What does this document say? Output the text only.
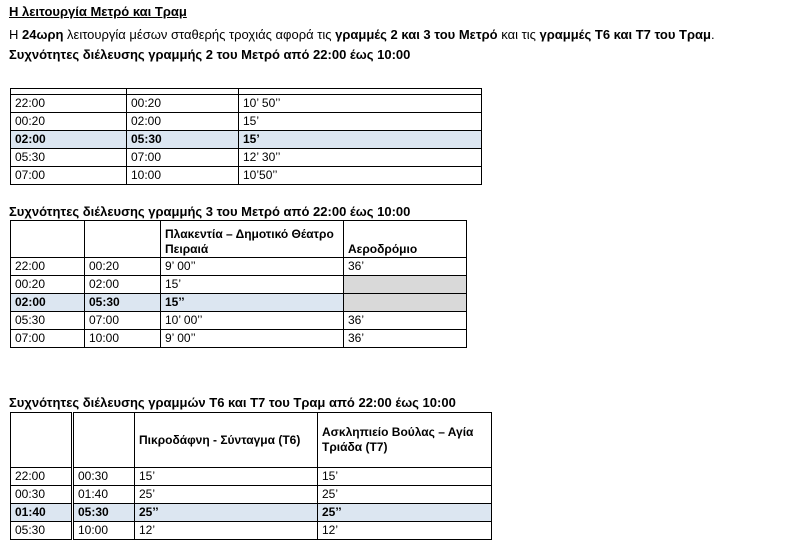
Η λειτουργία Μετρό και Τραμ
Η 24ωρη λειτουργία μέσων σταθερής τροχιάς αφορά τις γραμμές 2 και 3 του Μετρό και τις γραμμές Τ6 και Τ7 του Τραμ.
Συχνότητες διέλευσης γραμμής 2 του Μετρό από 22:00 έως 10:00

22:00	00:20	10’ 50’’
00:20	02:00	15’
02:00	05:30	15’
05:30	07:00	12’ 30’’
07:00	10:00	10’50’’
Συχνότητες διέλευσης γραμμής 3 του Μετρό από 22:00 έως 10:00
		Πλακεντία – Δημοτικό Θέατρο Πειραιά	Αεροδρόμιο
22:00	00:20	9’ 00’’	36’
00:20	02:00	15’	
02:00	05:30	15’’	
05:30	07:00	10’ 00’’	36’
07:00	10:00	9’ 00’’	36’
Συχνότητες διέλευσης γραμμών Τ6 και Τ7 του Τραμ από 22:00 έως 10:00
		Πικροδάφνη - Σύνταγμα (Τ6)	Ασκληπιείο Βούλας – Αγία Τριάδα (Τ7)
22:00	00:30	15’	15’
00:30	01:40	25’	25’
01:40	05:30	25’’	25’’
05:30	10:00	12’	12’
